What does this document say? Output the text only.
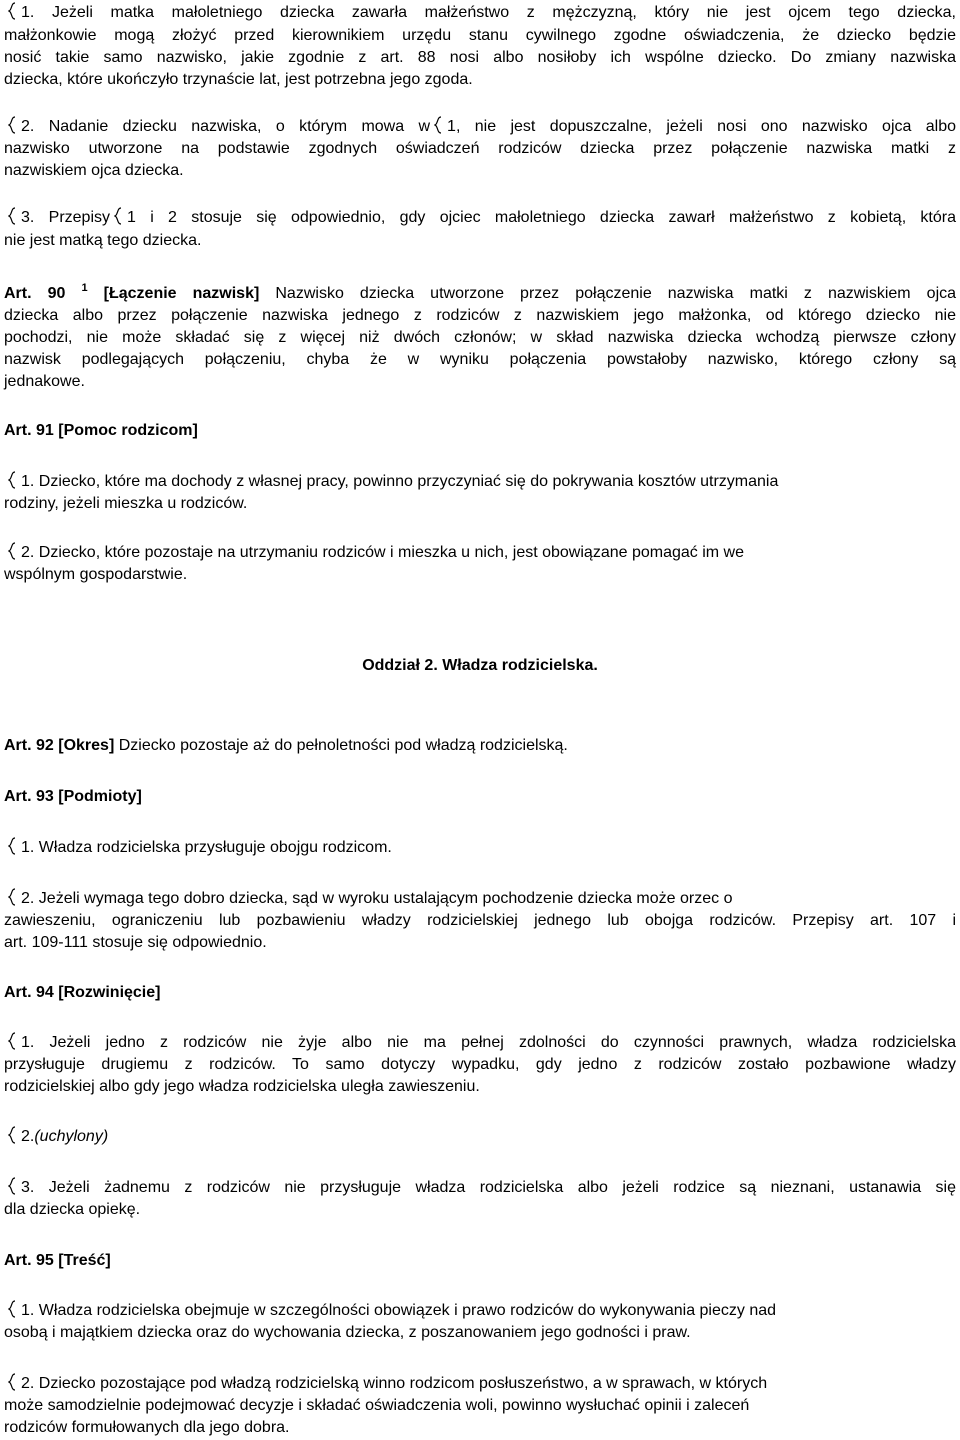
1. Jeżeli matka małoletniego dziecka zawarła małżeństwo z mężczyzną, który nie jest ojcem tego dziecka,

małżonkowie mogą złożyć przed kierownikiem urzędu stanu cywilnego zgodne oświadczenia, że dziecko będzie

nosić takie samo nazwisko, jakie zgodnie z art. 88 nosi albo nosiłoby ich wspólne dziecko. Do zmiany nazwiska

dziecka, które ukończyło trzynaście lat, jest potrzebna jego zgoda.

2. Nadanie dziecku nazwiska, o którym mowa w 1, nie jest dopuszczalne, jeżeli nosi ono nazwisko ojca albo

nazwisko utworzone na podstawie zgodnych oświadczeń rodziców dziecka przez połączenie nazwiska matki z

nazwiskiem ojca dziecka.

3. Przepisy 1 i 2 stosuje się odpowiednio, gdy ojciec małoletniego dziecka zawarł małżeństwo z kobietą, która

nie jest matką tego dziecka.

Art. 90 $^1$ [Łączenie nazwisk] Nazwisko dziecka utworzone przez połączenie nazwiska matki z nazwiskiem ojca

dziecka albo przez połączenie nazwiska jednego z rodziców z nazwiskiem jego małżonka, od którego dziecko nie

pochodzi, nie może składać się z więcej niż dwóch członów; w skład nazwiska dziecka wchodzą pierwsze człony

nazwisk podlegających połączeniu, chyba że w wyniku połączenia powstałoby nazwisko, którego człony są

jednakowe.

Art. 91 [Pomoc rodzicom]

1. Dziecko, które ma dochody z własnej pracy, powinno przyczyniać się do pokrywania kosztów utrzymania

rodziny, jeżeli mieszka u rodziców.

2. Dziecko, które pozostaje na utrzymaniu rodziców i mieszka u nich, jest obowiązane pomagać im we

wspólnym gospodarstwie.

Oddział 2. Władza rodzicielska.

Art. 92 [Okres] Dziecko pozostaje aż do pełnoletności pod władzą rodzicielską.

Art. 93 [Podmioty]

1. Władza rodzicielska przysługuje obojgu rodzicom.

2. Jeżeli wymaga tego dobro dziecka, sąd w wyroku ustalającym pochodzenie dziecka może orzec o

zawieszeniu, ograniczeniu lub pozbawieniu władzy rodzicielskiej jednego lub obojga rodziców. Przepisy art. 107 i

art. 109-111 stosuje się odpowiednio.

Art. 94 [Rozwinięcie]

1. Jeżeli jedno z rodziców nie żyje albo nie ma pełnej zdolności do czynności prawnych, władza rodzicielska

przysługuje drugiemu z rodziców. To samo dotyczy wypadku, gdy jedno z rodziców zostało pozbawione władzy

rodzicielskiej albo gdy jego władza rodzicielska uległa zawieszeniu.

2.(uchylony)

3. Jeżeli żadnemu z rodziców nie przysługuje władza rodzicielska albo jeżeli rodzice są nieznani, ustanawia się

dla dziecka opiekę.

Art. 95 [Treść]

1. Władza rodzicielska obejmuje w szczególności obowiązek i prawo rodziców do wykonywania pieczy nad

osobą i majątkiem dziecka oraz do wychowania dziecka, z poszanowaniem jego godności i praw.

2. Dziecko pozostające pod władzą rodzicielską winno rodzicom posłuszeństwo, a w sprawach, w których

może samodzielnie podejmować decyzje i składać oświadczenia woli, powinno wysłuchać opinii i zaleceń

rodziców formułowanych dla jego dobra.
